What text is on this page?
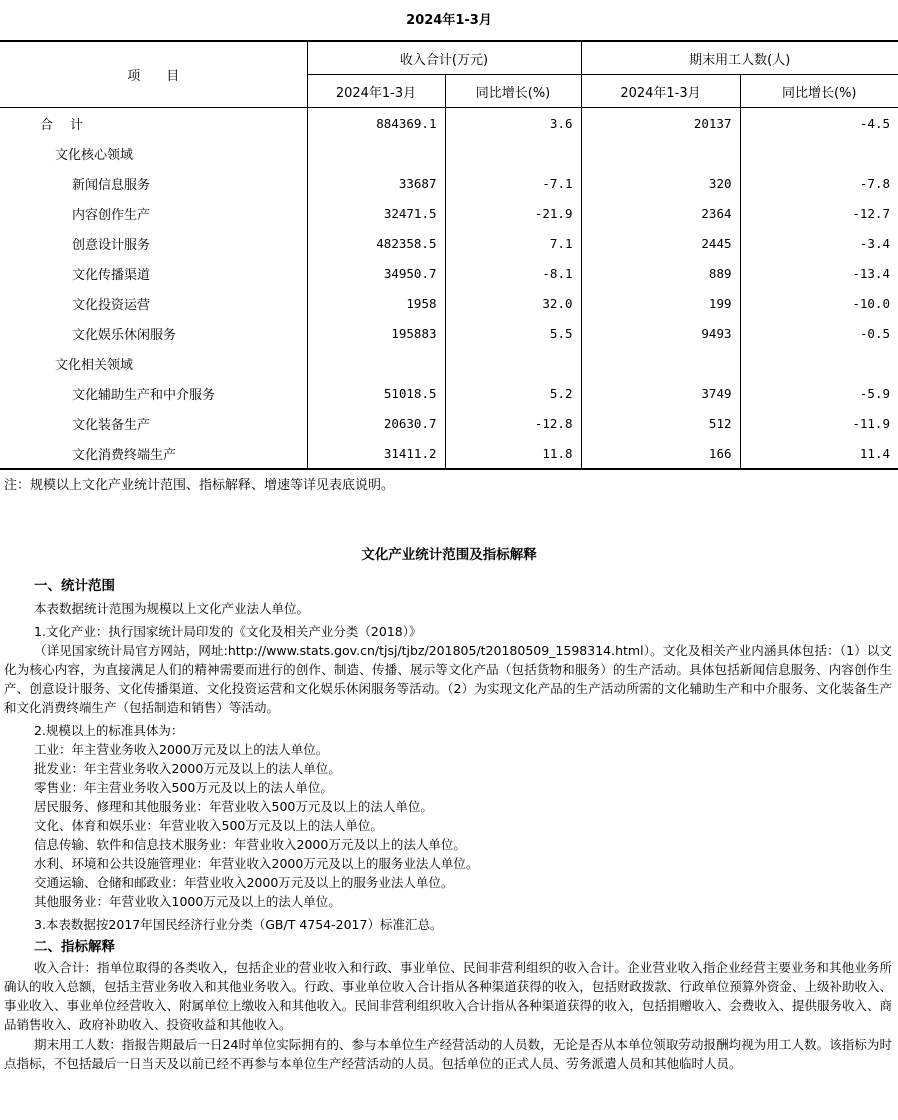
2024年1-3月
项　　目	收入合计(万元)		期末用工人数(人)	
	2024年1-3月	同比增长(%)	2024年1-3月	同比增长(%)
合　计	884369.1	3.6	20137	-4.5
文化核心领域				
新闻信息服务	33687	-7.1	320	-7.8
内容创作生产	32471.5	-21.9	2364	-12.7
创意设计服务	482358.5	7.1	2445	-3.4
文化传播渠道	34950.7	-8.1	889	-13.4
文化投资运营	1958	32.0	199	-10.0
文化娱乐休闲服务	195883	5.5	9493	-0.5
文化相关领域				
文化辅助生产和中介服务	51018.5	5.2	3749	-5.9
文化装备生产	20630.7	-12.8	512	-11.9
文化消费终端生产	31411.2	11.8	166	11.4
注：规模以上文化产业统计范围、指标解释、增速等详见表底说明。
文化产业统计范围及指标解释

一、统计范围

本表数据统计范围为规模以上文化产业法人单位。

1.文化产业：执行国家统计局印发的《文化及相关产业分类（2018）》

（详见国家统计局官方网站，网址:http://www.stats.gov.cn/tjsj/tjbz/201805/t20180509_1598314.html）。文化及相关产业内涵具体包括：（1）以文化为核心内容，为直接满足人们的精神需要而进行的创作、制造、传播、展示等文化产品（包括货物和服务）的生产活动。具体包括新闻信息服务、内容创作生产、创意设计服务、文化传播渠道、文化投资运营和文化娱乐休闲服务等活动。（2）为实现文化产品的生产活动所需的文化辅助生产和中介服务、文化装备生产和文化消费终端生产（包括制造和销售）等活动。

2.规模以上的标准具体为：

工业：年主营业务收入2000万元及以上的法人单位。

批发业：年主营业务收入2000万元及以上的法人单位。

零售业：年主营业务收入500万元及以上的法人单位。

居民服务、修理和其他服务业：年营业收入500万元及以上的法人单位。

文化、体育和娱乐业：年营业收入500万元及以上的法人单位。

信息传输、软件和信息技术服务业：年营业收入2000万元及以上的法人单位。

水利、环境和公共设施管理业：年营业收入2000万元及以上的服务业法人单位。

交通运输、仓储和邮政业：年营业收入2000万元及以上的服务业法人单位。

其他服务业：年营业收入1000万元及以上的法人单位。

3.本表数据按2017年国民经济行业分类（GB/T 4754-2017）标准汇总。

二、指标解释

收入合计：指单位取得的各类收入，包括企业的营业收入和行政、事业单位、民间非营利组织的收入合计。企业营业收入指企业经营主要业务和其他业务所确认的收入总额，包括主营业务收入和其他业务收入。行政、事业单位收入合计指从各种渠道获得的收入，包括财政拨款、行政单位预算外资金、上级补助收入、事业收入、事业单位经营收入、附属单位上缴收入和其他收入。民间非营利组织收入合计指从各种渠道获得的收入，包括捐赠收入、会费收入、提供服务收入、商品销售收入、政府补助收入、投资收益和其他收入。

期末用工人数：指报告期最后一日24时单位实际拥有的、参与本单位生产经营活动的人员数，无论是否从本单位领取劳动报酬均视为用工人数。该指标为时点指标，不包括最后一日当天及以前已经不再参与本单位生产经营活动的人员。包括单位的正式人员、劳务派遣人员和其他临时人员。
